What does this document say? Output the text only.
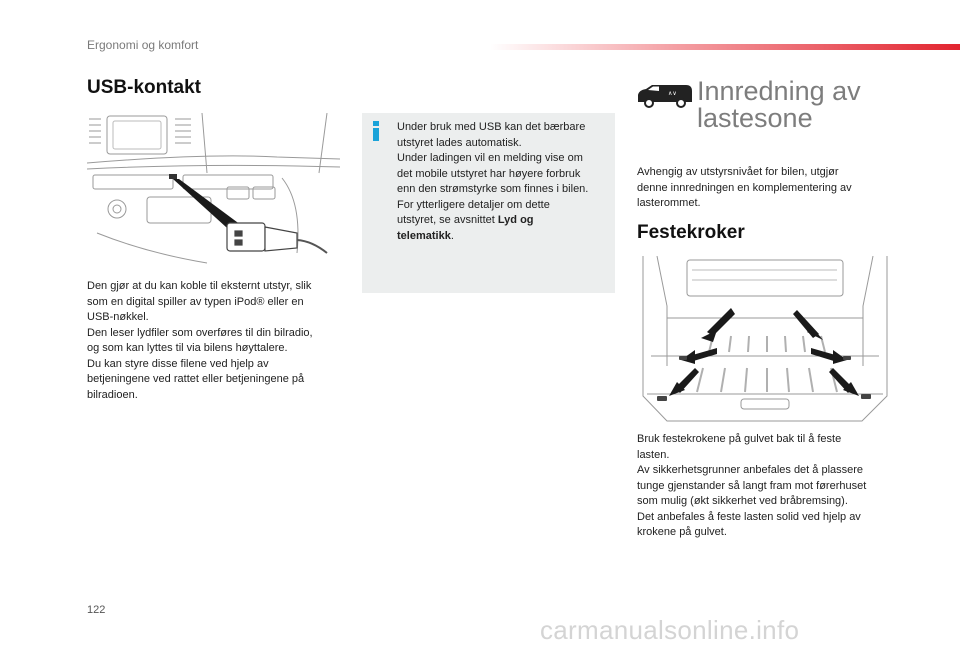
Ergonomi og komfort
USB-kontakt

Den gjør at du kan koble til eksternt utstyr, slik

som en digital spiller av typen iPod® eller en

USB-nøkkel.

Den leser lydfiler som overføres til din bilradio,

og som kan lyttes til via bilens høyttalere.

Du kan styre disse filene ved hjelp av

betjeningene ved rattet eller betjeningene på

bilradioen.

Under bruk med USB kan det bærbare

utstyret lades automatisk.

Under ladingen vil en melding vise om

det mobile utstyret har høyere forbruk

enn den strømstyrke som finnes i bilen.

For ytterligere detaljer om dette

utstyret, se avsnittet Lyd og

telematikk.

∧∨ Innredning av
lastesone

Avhengig av utstyrsnivået for bilen, utgjør

denne innredningen en komplementering av

lasterommet.

Festekroker

Bruk festekrokene på gulvet bak til å feste

lasten.

Av sikkerhetsgrunner anbefales det å plassere

tunge gjenstander så langt fram mot førerhuset

som mulig (økt sikkerhet ved bråbremsing).

Det anbefales å feste lasten solid ved hjelp av

krokene på gulvet.

122
carmanualsonline.info
